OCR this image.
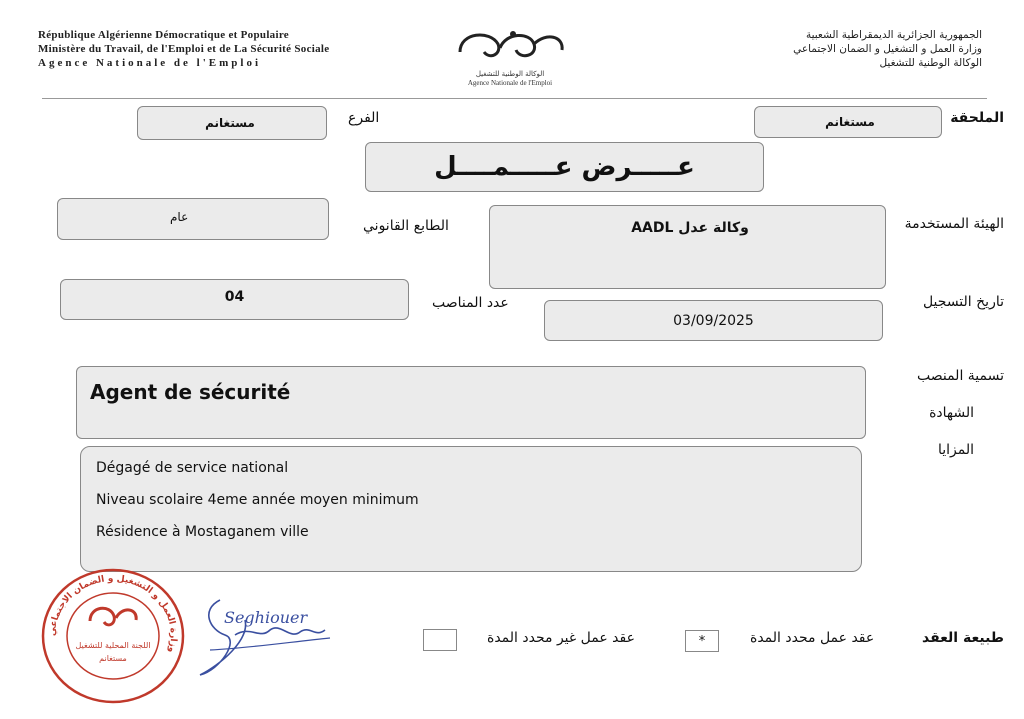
République Algérienne Démocratique et Populaire
Ministère du Travail, de l'Emploi et de La Sécurité Sociale
Agence Nationale de l'Emploi
الجمهورية الجزائرية الديمقراطية الشعبية
وزارة العمل و التشغيل و الضمان الاجتماعي
الوكالة الوطنية للتشغيل
الوكالة الوطنية للتشغيل
Agence Nationale de l'Emploi
الملحقة
مستغانم
الفرع
مستغانم
عـــــرض عـــــمــــل
الهيئة المستخدمة
وكالة عدل AADL
الطابع القانوني
عام
تاريخ التسجيل
03/09/2025
عدد المناصب
04
تسمية المنصب
الشهادة
المزايا
Agent de sécurité
Dégagé de service national
Niveau scolaire 4eme année moyen minimum
Résidence à Mostaganem ville
طبيعة العقد
عقد عمل محدد المدة
*
عقد عمل غير محدد المدة
وزارة العمل و التشغيل و الضمان الاجتماعي
اللجنة المحلية للتشغيل
مستغانم
Seghiouer
